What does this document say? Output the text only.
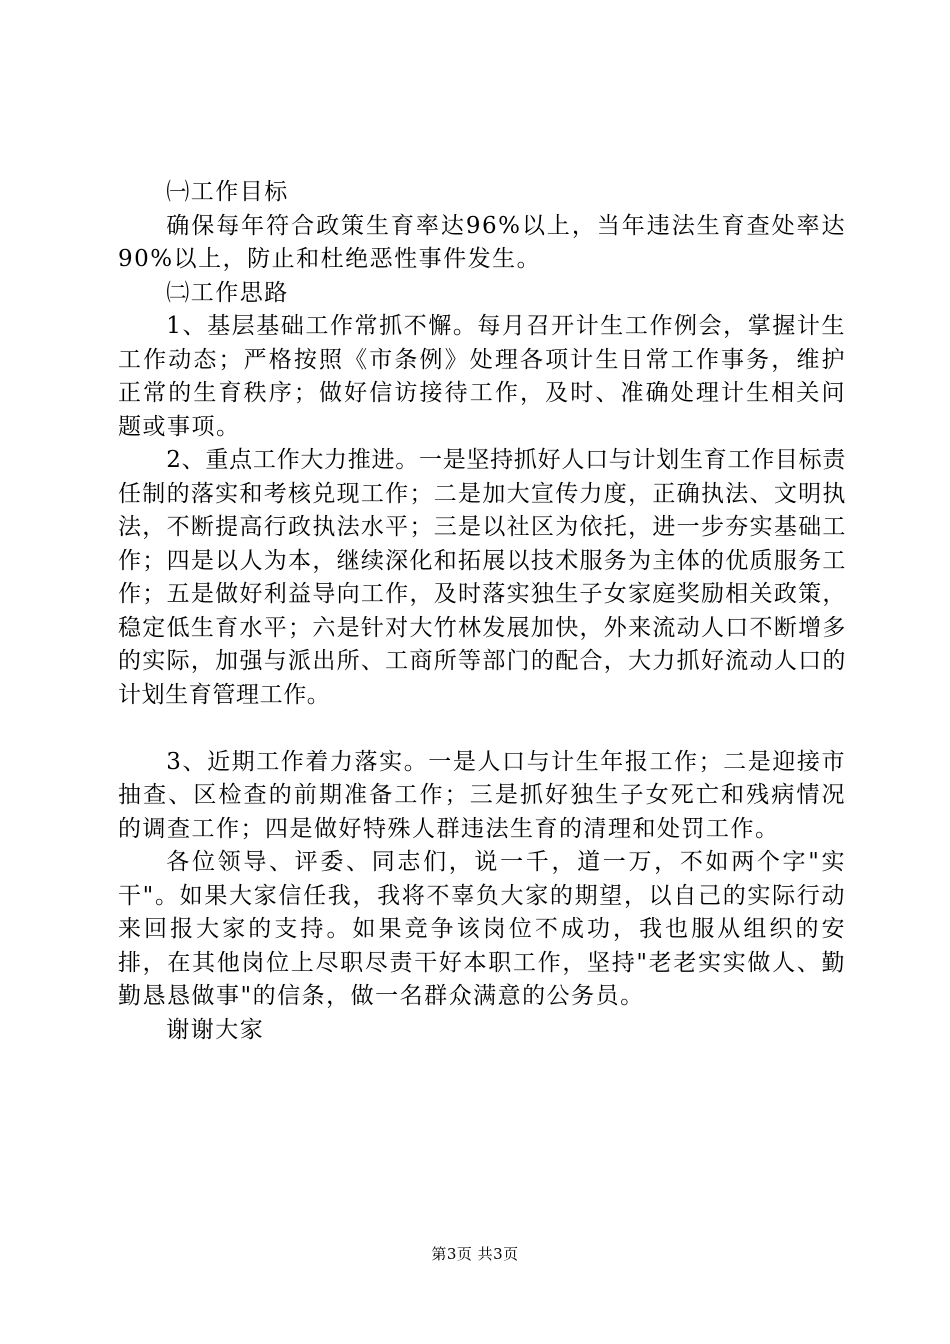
㈠工作目标

确保每年符合政策生育率达96%以上，当年违法生育查处率达90%以上，防止和杜绝恶性事件发生。

㈡工作思路

1、基层基础工作常抓不懈。每月召开计生工作例会，掌握计生工作动态；严格按照《市条例》处理各项计生日常工作事务，维护正常的生育秩序；做好信访接待工作，及时、准确处理计生相关问题或事项。

2、重点工作大力推进。一是坚持抓好人口与计划生育工作目标责任制的落实和考核兑现工作；二是加大宣传力度，正确执法、文明执法，不断提高行政执法水平；三是以社区为依托，进一步夯实基础工作；四是以人为本，继续深化和拓展以技术服务为主体的优质服务工作；五是做好利益导向工作，及时落实独生子女家庭奖励相关政策，稳定低生育水平；六是针对大竹林发展加快，外来流动人口不断增多的实际，加强与派出所、工商所等部门的配合，大力抓好流动人口的计划生育管理工作。

3、近期工作着力落实。一是人口与计生年报工作；二是迎接市抽查、区检查的前期准备工作；三是抓好独生子女死亡和残病情况的调查工作；四是做好特殊人群违法生育的清理和处罚工作。

各位领导、评委、同志们，说一千，道一万，不如两个字"实干"。如果大家信任我，我将不辜负大家的期望，以自己的实际行动来回报大家的支持。如果竞争该岗位不成功，我也服从组织的安排，在其他岗位上尽职尽责干好本职工作，坚持"老老实实做人、勤勤恳恳做事"的信条，做一名群众满意的公务员。

谢谢大家

第3页 共3页
